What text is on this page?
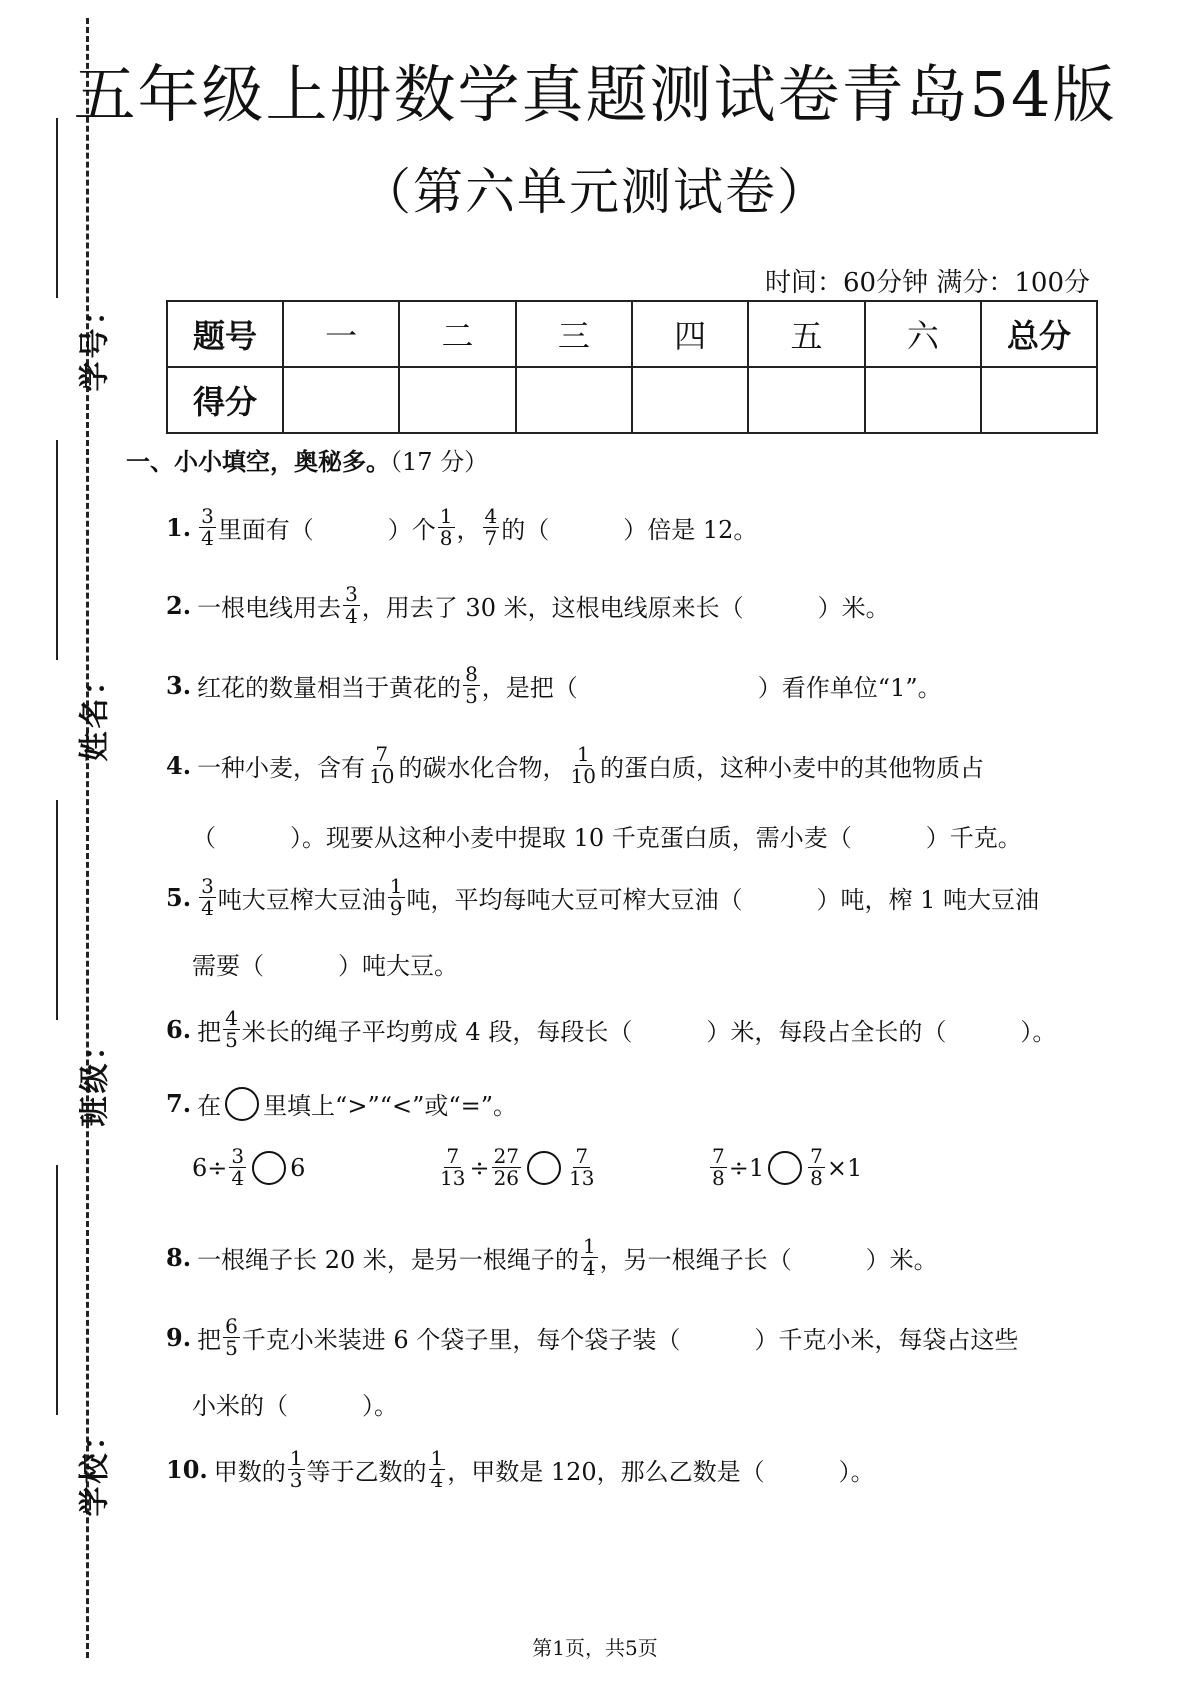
学号：
姓名：
班级：
学校：
五年级上册数学真题测试卷青岛54版
（第六单元测试卷）
时间：60分钟 满分：100分
题号	一	二	三	四	五	六	总分
得分							
一、小小填空，奥秘多。（17 分）
1. $\frac{3}{4}$ 里面有（	）个 $\frac{1}{8}$ ， $\frac{4}{7}$ 的（	）倍是 12。
2. 一根电线用去 $\frac{3}{4}$ ，用去了 30 米，这根电线原来长（	）米。
3. 红花的数量相当于黄花的 $\frac{8}{5}$ ，是把（	）看作单位“1”。
4. 一种小麦，含有 $\frac{7}{10}$ 的碳水化合物， $\frac{1}{10}$ 的蛋白质，这种小麦中的其他物质占
（	）。现要从这种小麦中提取 10 千克蛋白质，需小麦（	）千克。
5. $\frac{3}{4}$ 吨大豆榨大豆油 $\frac{1}{9}$ 吨，平均每吨大豆可榨大豆油（	）吨，榨 1 吨大豆油
需要（	）吨大豆。
6. 把 $\frac{4}{5}$ 米长的绳子平均剪成 4 段，每段长（	）米，每段占全长的（	）。
7. 在 里填上“>”“<”或“=”。
$6\div \frac{3}{4} 6$	$\frac{7}{13} \div \frac{27}{26} \frac{7}{13}$	$\frac{7}{8} \div 1 \frac{7}{8} \times 1$
8. 一根绳子长 20 米，是另一根绳子的 $\frac{1}{4}$ ，另一根绳子长（	）米。
9. 把 $\frac{6}{5}$ 千克小米装进 6 个袋子里，每个袋子装（	）千克小米，每袋占这些
小米的（	）。
10. 甲数的 $\frac{1}{3}$ 等于乙数的 $\frac{1}{4}$ ，甲数是 120，那么乙数是（	）。
第1页，共5页
